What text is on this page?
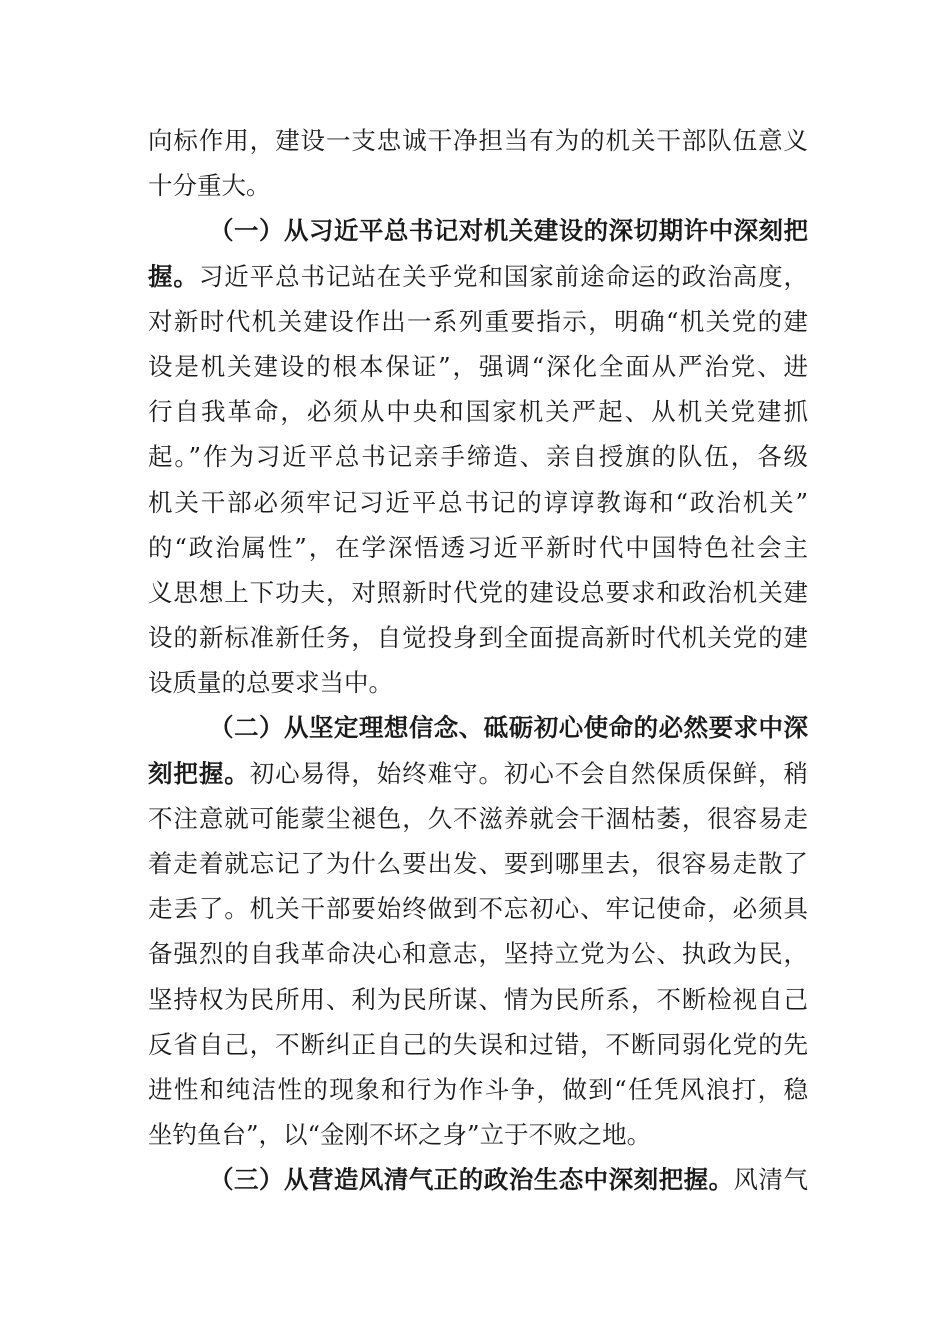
向标作用，建设一支忠诚干净担当有为的机关干部队伍意义
十分重大。
（一）从习近平总书记对机关建设的深切期许中深刻把
握。习近平总书记站在关乎党和国家前途命运的政治高度，
对新时代机关建设作出一系列重要指示，明确“机关党的建
设是机关建设的根本保证”，强调“深化全面从严治党、进
行自我革命，必须从中央和国家机关严起、从机关党建抓
起。”作为习近平总书记亲手缔造、亲自授旗的队伍，各级
机关干部必须牢记习近平总书记的谆谆教诲和“政治机关”
的“政治属性”，在学深悟透习近平新时代中国特色社会主
义思想上下功夫，对照新时代党的建设总要求和政治机关建
设的新标准新任务，自觉投身到全面提高新时代机关党的建
设质量的总要求当中。
（二）从坚定理想信念、砥砺初心使命的必然要求中深
刻把握。初心易得，始终难守。初心不会自然保质保鲜，稍
不注意就可能蒙尘褪色，久不滋养就会干涸枯萎，很容易走
着走着就忘记了为什么要出发、要到哪里去，很容易走散了
走丢了。机关干部要始终做到不忘初心、牢记使命，必须具
备强烈的自我革命决心和意志，坚持立党为公、执政为民，
坚持权为民所用、利为民所谋、情为民所系，不断检视自己
反省自己，不断纠正自己的失误和过错，不断同弱化党的先
进性和纯洁性的现象和行为作斗争，做到“任凭风浪打，稳
坐钓鱼台”，以“金刚不坏之身”立于不败之地。
（三）从营造风清气正的政治生态中深刻把握。风清气
